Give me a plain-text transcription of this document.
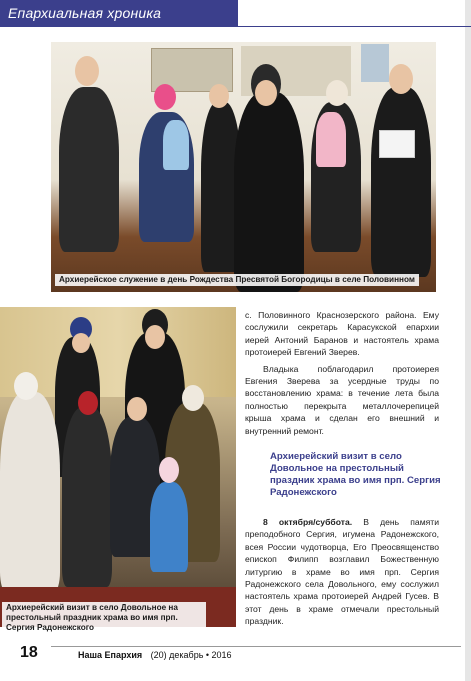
Епархиальная хроника
Архиерейское служение в день Рождества Пресвятой Богородицы в селе Половинном
Архиерейский визит в село Довольное на престольный праздник храма во имя прп. Сергия Радонежского
с. Половинного Краснозерского района. Ему сослужили секретарь Карасукской епархии иерей Антоний Баранов и настоятель храма протоиерей Евгений Зверев.
Владыка поблагодарил протоиерея Евгения Зверева за усердные труды по восстановлению храма: в течение лета была полностью перекрыта металлочерепицей крыша храма и сделан его внешний и внутренний ремонт.
Архиерейский визит в село Довольное на престольный праздник храма во имя прп. Сергия Радонежского
8 октября/суббота. В день памяти преподобного Сергия, игумена Радонежского, всея России чудотворца, Его Преосвященство епископ Филипп возглавил Божественную литургию в храме во имя прп. Сергия Радонежского села Довольного, ему сослужил настоятель храма протоиерей Андрей Гусев. В этот день в храме отмечали престольный праздник.
18	Наша Епархия (20) декабрь • 2016
